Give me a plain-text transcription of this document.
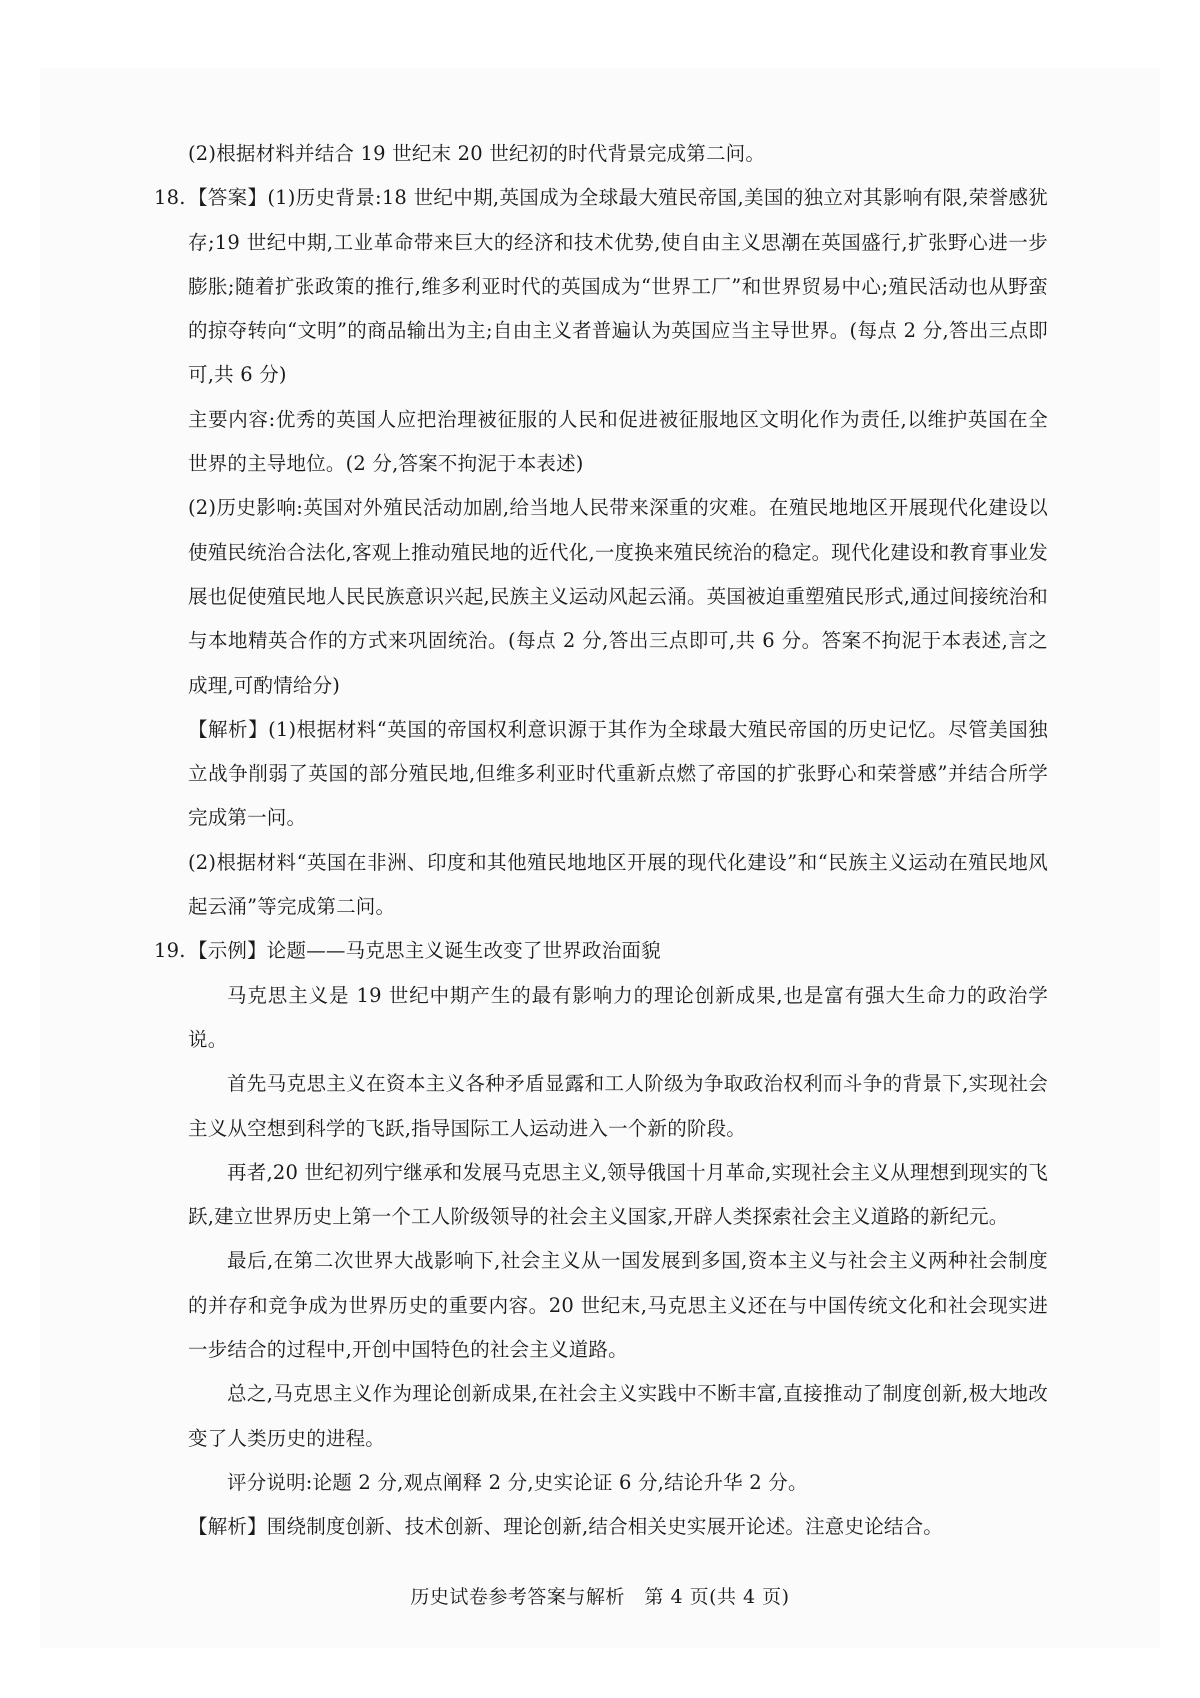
(2)根据材料并结合 19 世纪末 20 世纪初的时代背景完成第二问。

18. 【答案】(1)历史背景:18 世纪中期,英国成为全球最大殖民帝国,美国的独立对其影响有限,荣誉感犹存;19 世纪中期,工业革命带来巨大的经济和技术优势,使自由主义思潮在英国盛行,扩张野心进一步膨胀;随着扩张政策的推行,维多利亚时代的英国成为“世界工厂”和世界贸易中心;殖民活动也从野蛮的掠夺转向“文明”的商品输出为主;自由主义者普遍认为英国应当主导世界。(每点 2 分,答出三点即可,共 6 分)

主要内容:优秀的英国人应把治理被征服的人民和促进被征服地区文明化作为责任,以维护英国在全世界的主导地位。(2 分,答案不拘泥于本表述)

(2)历史影响:英国对外殖民活动加剧,给当地人民带来深重的灾难。在殖民地地区开展现代化建设以使殖民统治合法化,客观上推动殖民地的近代化,一度换来殖民统治的稳定。现代化建设和教育事业发展也促使殖民地人民民族意识兴起,民族主义运动风起云涌。英国被迫重塑殖民形式,通过间接统治和与本地精英合作的方式来巩固统治。(每点 2 分,答出三点即可,共 6 分。答案不拘泥于本表述,言之成理,可酌情给分)

【解析】(1)根据材料“英国的帝国权利意识源于其作为全球最大殖民帝国的历史记忆。尽管美国独立战争削弱了英国的部分殖民地,但维多利亚时代重新点燃了帝国的扩张野心和荣誉感”并结合所学完成第一问。

(2)根据材料“英国在非洲、印度和其他殖民地地区开展的现代化建设”和“民族主义运动在殖民地风起云涌”等完成第二问。

19. 【示例】论题——马克思主义诞生改变了世界政治面貌

马克思主义是 19 世纪中期产生的最有影响力的理论创新成果,也是富有强大生命力的政治学说。

首先马克思主义在资本主义各种矛盾显露和工人阶级为争取政治权利而斗争的背景下,实现社会主义从空想到科学的飞跃,指导国际工人运动进入一个新的阶段。

再者,20 世纪初列宁继承和发展马克思主义,领导俄国十月革命,实现社会主义从理想到现实的飞跃,建立世界历史上第一个工人阶级领导的社会主义国家,开辟人类探索社会主义道路的新纪元。

最后,在第二次世界大战影响下,社会主义从一国发展到多国,资本主义与社会主义两种社会制度的并存和竞争成为世界历史的重要内容。20 世纪末,马克思主义还在与中国传统文化和社会现实进一步结合的过程中,开创中国特色的社会主义道路。

总之,马克思主义作为理论创新成果,在社会主义实践中不断丰富,直接推动了制度创新,极大地改变了人类历史的进程。

评分说明:论题 2 分,观点阐释 2 分,史实论证 6 分,结论升华 2 分。

【解析】围绕制度创新、技术创新、理论创新,结合相关史实展开论述。注意史论结合。

历史试卷参考答案与解析　第 4 页(共 4 页)
